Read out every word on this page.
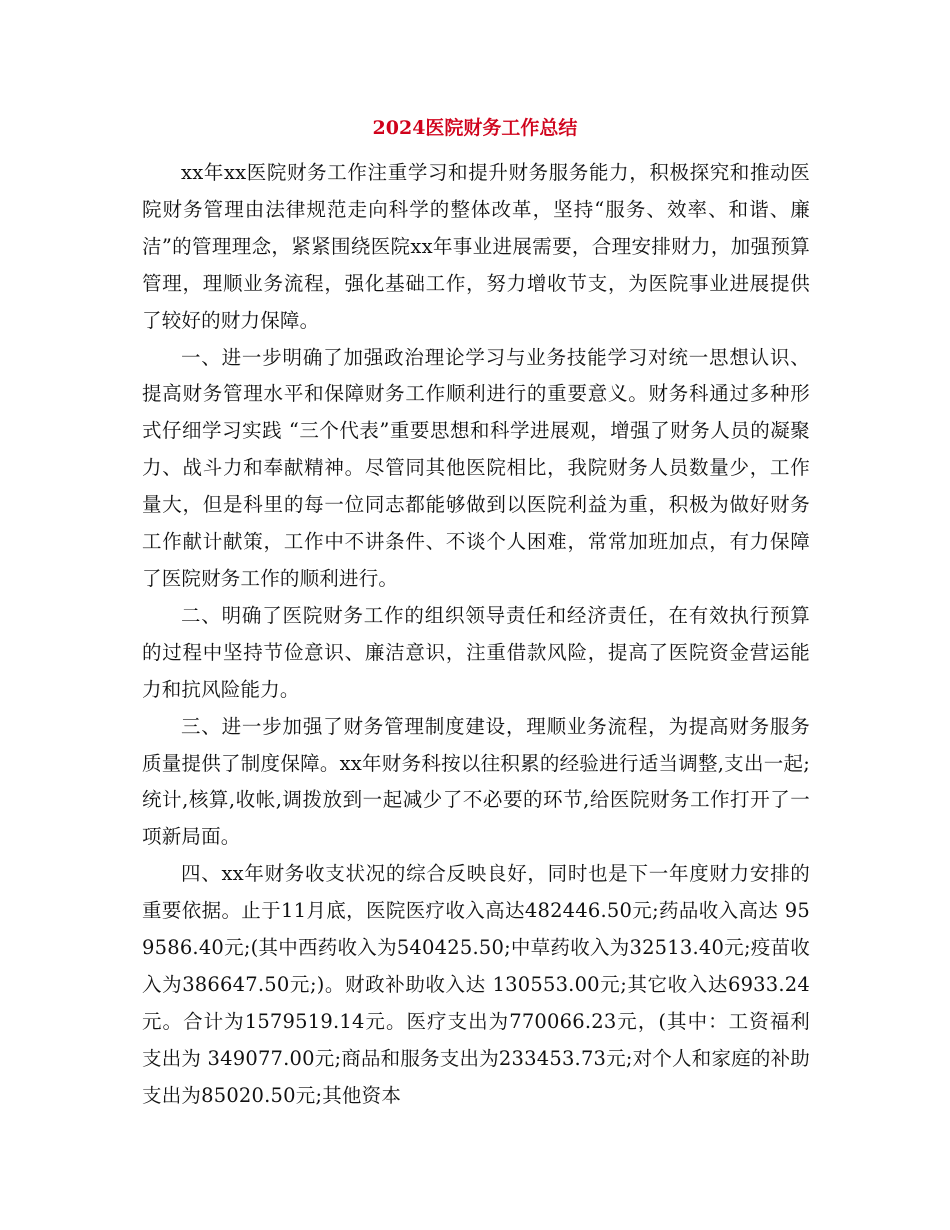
2024医院财务工作总结

xx年xx医院财务工作注重学习和提升财务服务能力，积极探究和推动医院财务管理由法律规范走向科学的整体改革，坚持“服务、效率、和谐、廉洁”的管理理念，紧紧围绕医院xx年事业进展需要，合理安排财力，加强预算管理，理顺业务流程，强化基础工作，努力增收节支，为医院事业进展提供了较好的财力保障。

一、进一步明确了加强政治理论学习与业务技能学习对统一思想认识、提高财务管理水平和保障财务工作顺利进行的重要意义。财务科通过多种形式仔细学习实践 “三个代表”重要思想和科学进展观，增强了财务人员的凝聚力、战斗力和奉献精神。尽管同其他医院相比，我院财务人员数量少，工作量大，但是科里的每一位同志都能够做到以医院利益为重，积极为做好财务工作献计献策，工作中不讲条件、不谈个人困难，常常加班加点，有力保障了医院财务工作的顺利进行。

二、明确了医院财务工作的组织领导责任和经济责任，在有效执行预算的过程中坚持节俭意识、廉洁意识，注重借款风险，提高了医院资金营运能力和抗风险能力。

三、进一步加强了财务管理制度建设，理顺业务流程，为提高财务服务质量提供了制度保障。xx年财务科按以往积累的经验进行适当调整,支出一起;统计,核算,收帐,调拨放到一起减少了不必要的环节,给医院财务工作打开了一项新局面。

四、xx年财务收支状况的综合反映良好，同时也是下一年度财力安排的重要依据。止于11月底，医院医疗收入高达482446.50元;药品收入高达 959586.40元;(其中西药收入为540425.50;中草药收入为32513.40元;疫苗收入为386647.50元;)。财政补助收入达 130553.00元;其它收入达6933.24元。合计为1579519.14元。医疗支出为770066.23元，(其中：工资福利支出为 349077.00元;商品和服务支出为233453.73元;对个人和家庭的补助支出为85020.50元;其他资本
